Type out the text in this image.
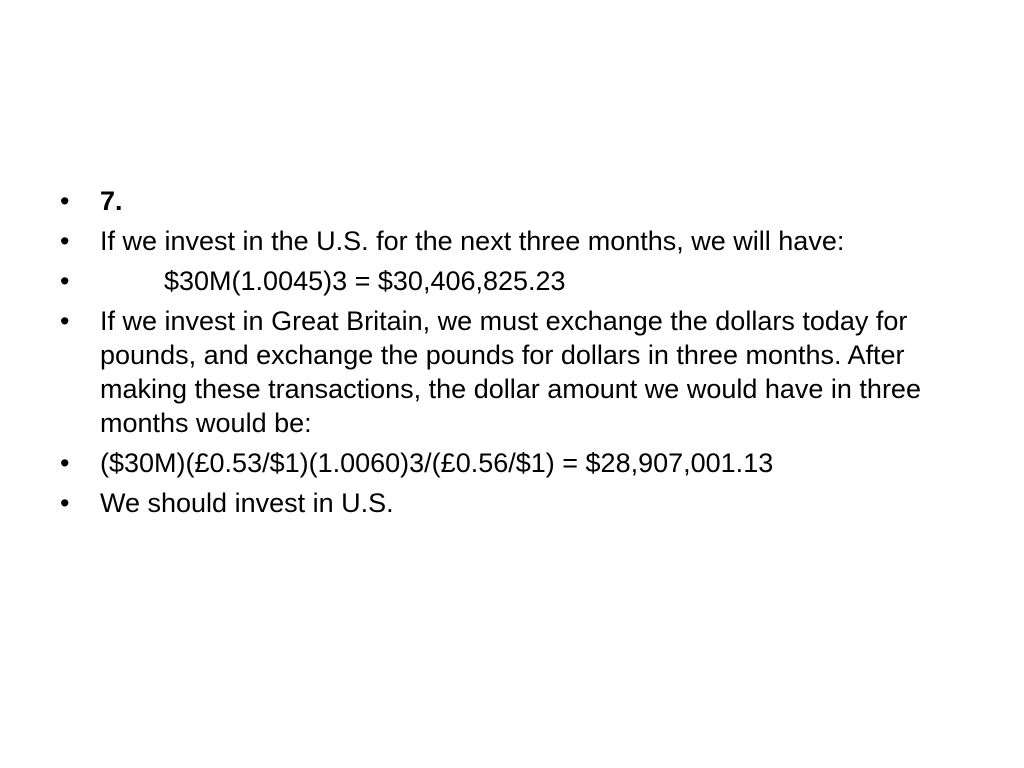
•	7.
•	If we invest in the U.S. for the next three months, we will have:
•	$30M(1.0045)3 = $30,406,825.23
•	If we invest in Great Britain, we must exchange the dollars today for pounds, and exchange the pounds for dollars in three months. After making these transactions, the dollar amount we would have in three months would be:
•	($30M)(£0.53/$1)(1.0060)3/(£0.56/$1) = $28,907,001.13
•	We should invest in U.S.
